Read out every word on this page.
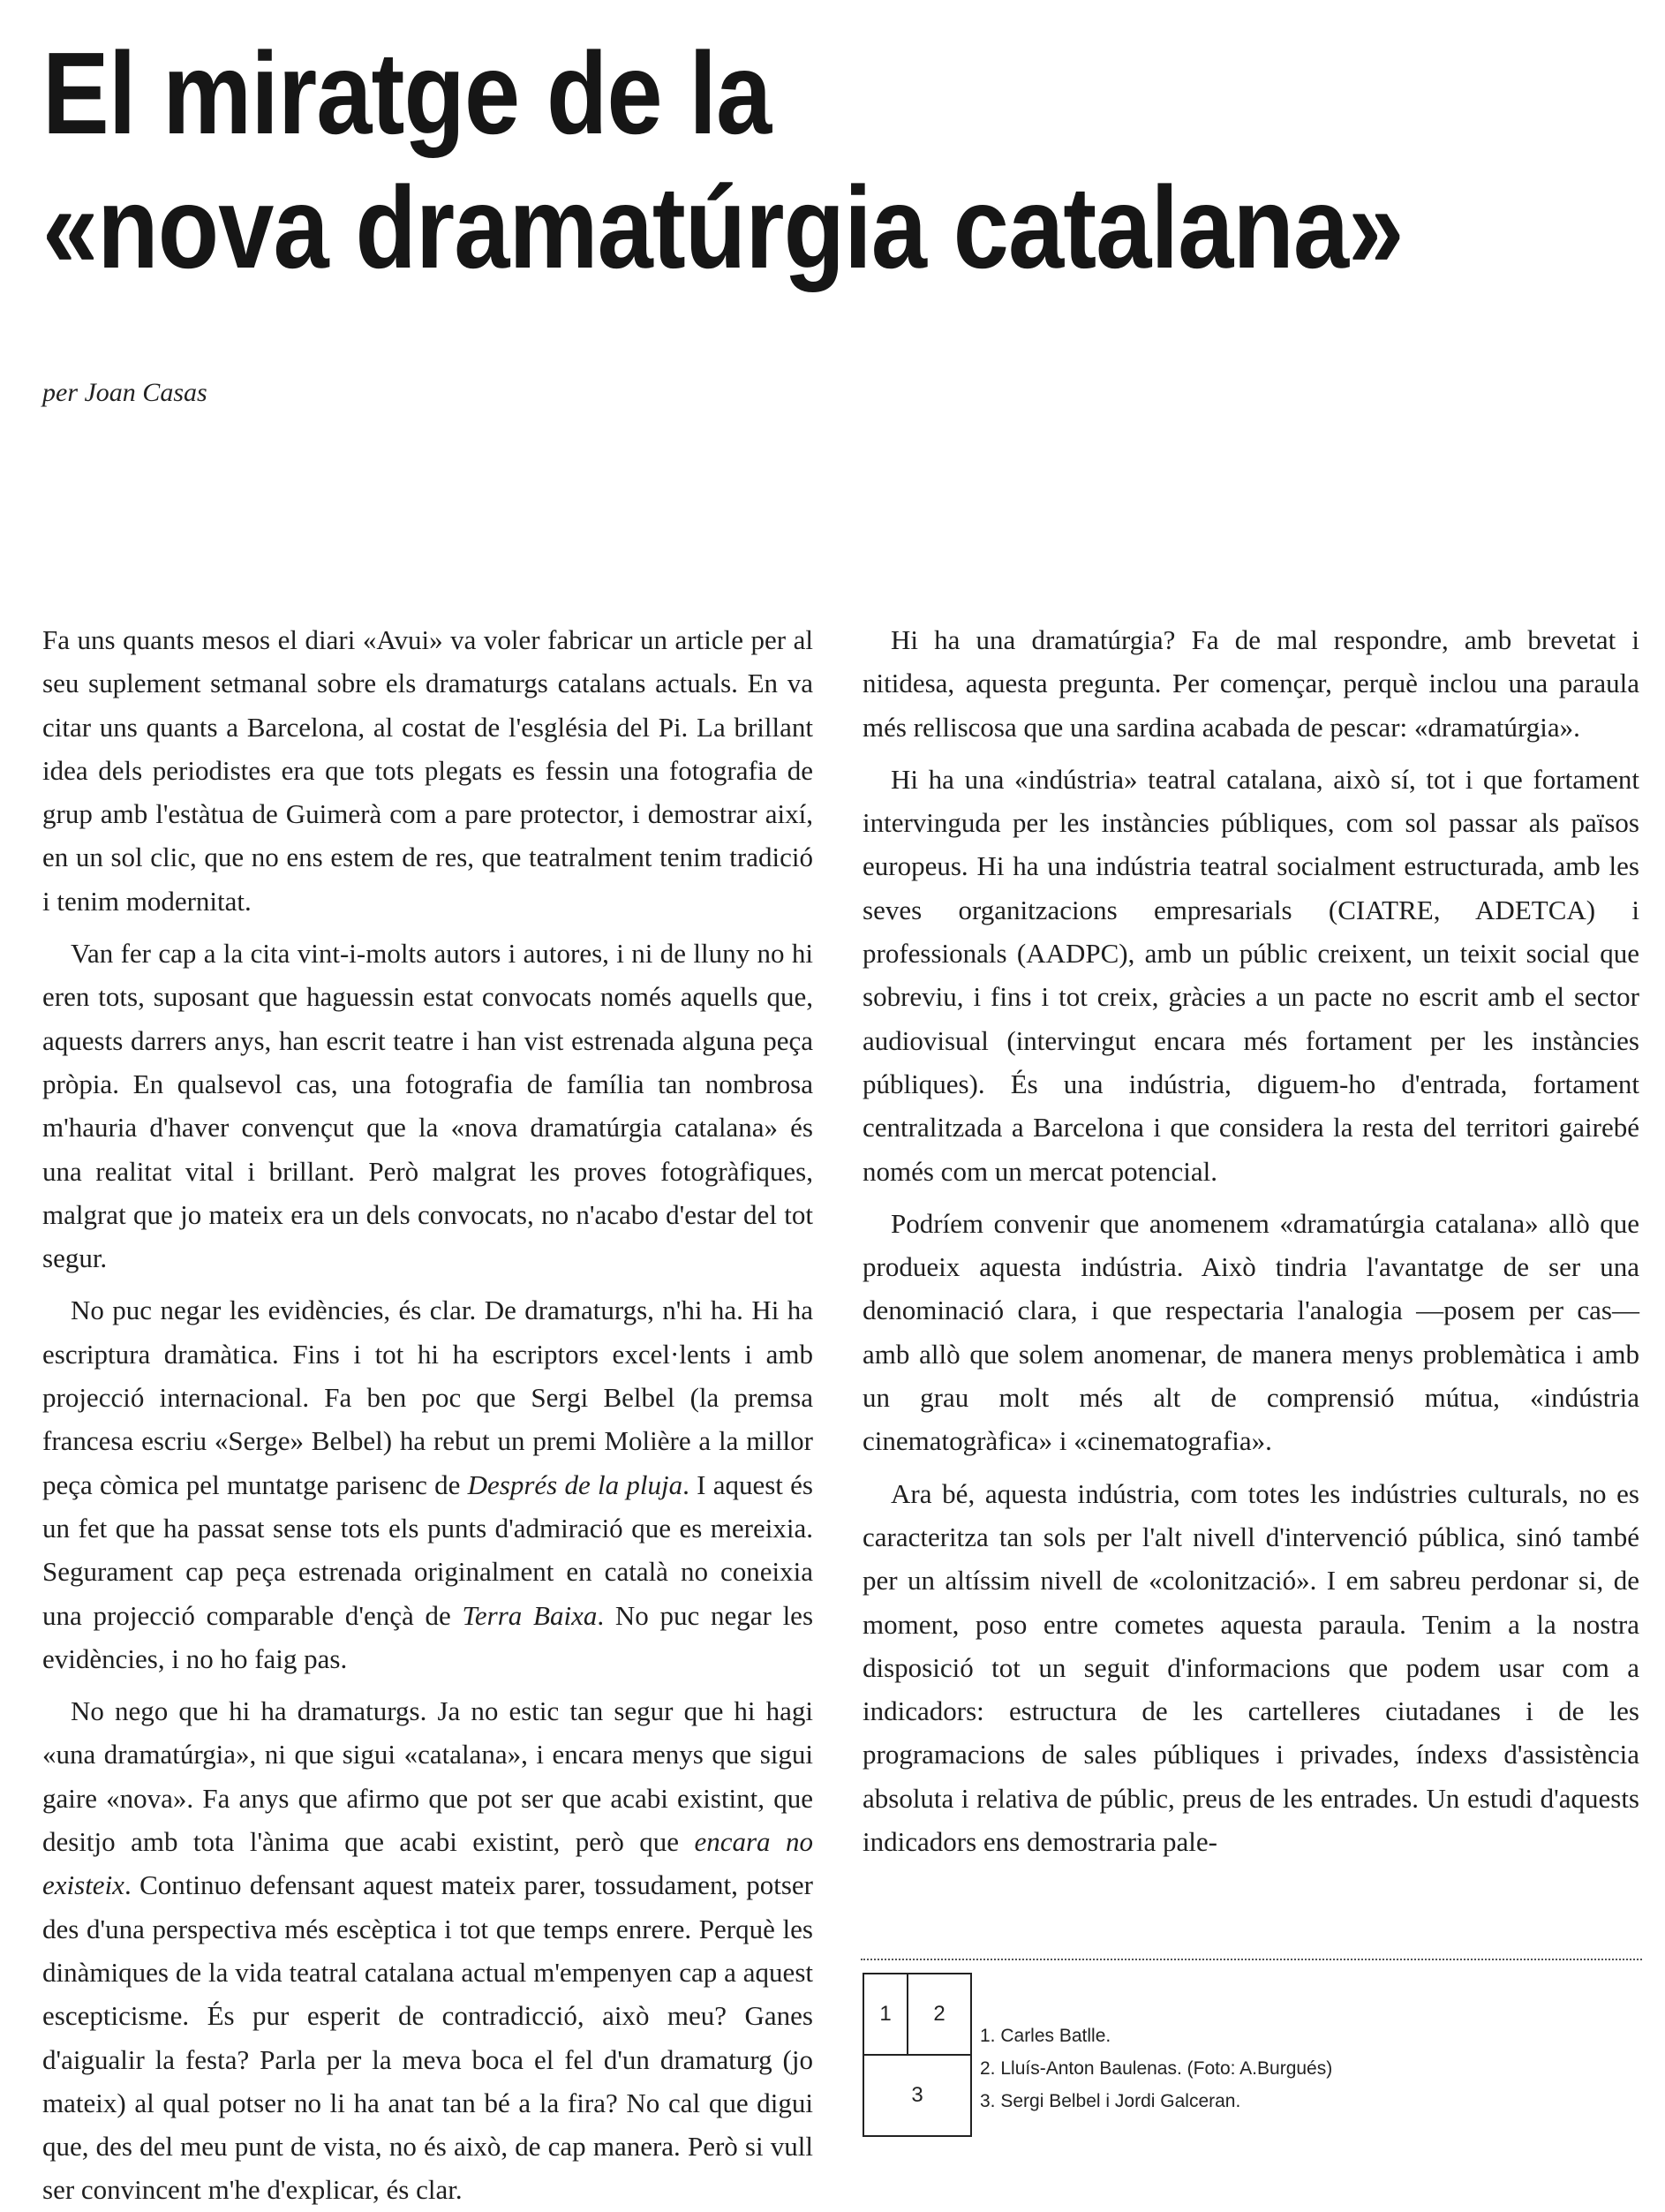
El miratge de la
«nova dramatúrgia catalana»

per Joan Casas

Fa uns quants mesos el diari «Avui» va voler fabricar un article per al seu suplement setmanal sobre els dramaturgs catalans actuals. En va citar uns quants a Barcelona, al costat de l'església del Pi. La brillant idea dels periodistes era que tots plegats es fessin una fotografia de grup amb l'estàtua de Guimerà com a pare protector, i demostrar així, en un sol clic, que no ens estem de res, que teatralment tenim tradició i tenim modernitat.

Van fer cap a la cita vint-i-molts autors i autores, i ni de lluny no hi eren tots, suposant que haguessin estat convocats només aquells que, aquests darrers anys, han escrit teatre i han vist estrenada alguna peça pròpia. En qualsevol cas, una fotografia de família tan nombrosa m'hauria d'haver convençut que la «nova dramatúrgia catalana» és una realitat vital i brillant. Però malgrat les proves fotogràfiques, malgrat que jo mateix era un dels convocats, no n'acabo d'estar del tot segur.

No puc negar les evidències, és clar. De dramaturgs, n'hi ha. Hi ha escriptura dramàtica. Fins i tot hi ha escriptors excel·lents i amb projecció internacional. Fa ben poc que Sergi Belbel (la premsa francesa escriu «Serge» Belbel) ha rebut un premi Molière a la millor peça còmica pel muntatge parisenc de Després de la pluja. I aquest és un fet que ha passat sense tots els punts d'admiració que es mereixia. Segurament cap peça estrenada originalment en català no coneixia una projecció comparable d'ençà de Terra Baixa. No puc negar les evidències, i no ho faig pas.

No nego que hi ha dramaturgs. Ja no estic tan segur que hi hagi «una dramatúrgia», ni que sigui «catalana», i encara menys que sigui gaire «nova». Fa anys que afirmo que pot ser que acabi existint, que desitjo amb tota l'ànima que acabi existint, però que encara no existeix. Continuo defensant aquest mateix parer, tossudament, potser des d'una perspectiva més escèptica i tot que temps enrere. Perquè les dinàmiques de la vida teatral catalana actual m'empenyen cap a aquest escepticisme. És pur esperit de contradicció, això meu? Ganes d'aigualir la festa? Parla per la meva boca el fel d'un dramaturg (jo mateix) al qual potser no li ha anat tan bé a la fira? No cal que digui que, des del meu punt de vista, no és això, de cap manera. Però si vull ser convincent m'he d'explicar, és clar.

Hi ha una dramatúrgia? Fa de mal respondre, amb brevetat i nitidesa, aquesta pregunta. Per començar, perquè inclou una paraula més relliscosa que una sardina acabada de pescar: «dramatúrgia».

Hi ha una «indústria» teatral catalana, això sí, tot i que fortament intervinguda per les instàncies públiques, com sol passar als països europeus. Hi ha una indústria teatral socialment estructurada, amb les seves organitzacions empresarials (CIATRE, ADETCA) i professionals (AADPC), amb un públic creixent, un teixit social que sobreviu, i fins i tot creix, gràcies a un pacte no escrit amb el sector audiovisual (intervingut encara més fortament per les instàncies públiques). És una indústria, diguem-ho d'entrada, fortament centralitzada a Barcelona i que considera la resta del territori gairebé només com un mercat potencial.

Podríem convenir que anomenem «dramatúrgia catalana» allò que produeix aquesta indústria. Això tindria l'avantatge de ser una denominació clara, i que respectaria l'analogia —posem per cas— amb allò que solem anomenar, de manera menys problemàtica i amb un grau molt més alt de comprensió mútua, «indústria cinematogràfica» i «cinematografia».

Ara bé, aquesta indústria, com totes les indústries culturals, no es caracteritza tan sols per l'alt nivell d'intervenció pública, sinó també per un altíssim nivell de «colonització». I em sabreu perdonar si, de moment, poso entre cometes aquesta paraula. Tenim a la nostra disposició tot un seguit d'informacions que podem usar com a indicadors: estructura de les cartelleres ciutadanes i de les programacions de sales públiques i privades, índexs d'assistència absoluta i relativa de públic, preus de les entrades. Un estudi d'aquests indicadors ens demostraria pale-

1	2
3
1. Carles Batlle.
2. Lluís-Anton Baulenas. (Foto: A.Burgués)
3. Sergi Belbel i Jordi Galceran.
